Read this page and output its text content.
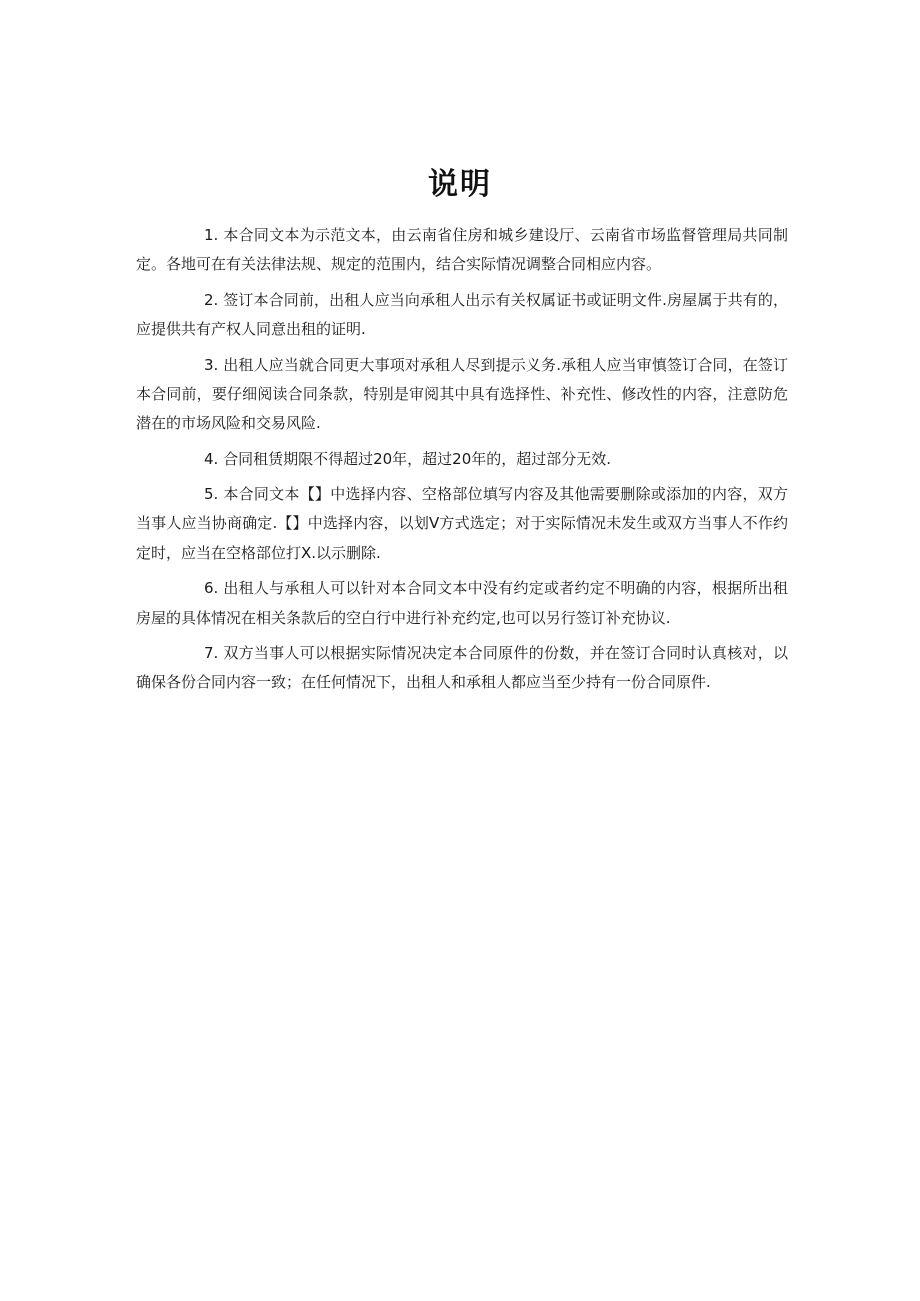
说明

1. 本合同文本为示范文本，由云南省住房和城乡建设厅、云南省市场监督管理局共同制定。各地可在有关法律法规、规定的范围内，结合实际情况调整合同相应内容。

2. 签订本合同前，出租人应当向承租人出示有关权属证书或证明文件.房屋属于共有的，应提供共有产权人同意出租的证明.

3. 出租人应当就合同更大事项对承租人尽到提示义务.承租人应当审慎签订合同，在签订本合同前，要仔细阅读合同条款，特别是审阅其中具有选择性、补充性、修改性的内容，注意防危潜在的市场风险和交易风险.

4. 合同租赁期限不得超过20年，超过20年的，超过部分无效.

5. 本合同文本【】中选择内容、空格部位填写内容及其他需要删除或添加的内容，双方当事人应当协商确定.【】中选择内容，以划V方式选定；对于实际情况未发生或双方当事人不作约定时，应当在空格部位打X.以示删除.

6. 出租人与承租人可以针对本合同文本中没有约定或者约定不明确的内容，根据所出租房屋的具体情况在相关条款后的空白行中进行补充约定,也可以另行签订补充协议.

7. 双方当事人可以根据实际情况决定本合同原件的份数，并在签订合同时认真核对，以确保各份合同内容一致；在任何情况下，出租人和承租人都应当至少持有一份合同原件.
